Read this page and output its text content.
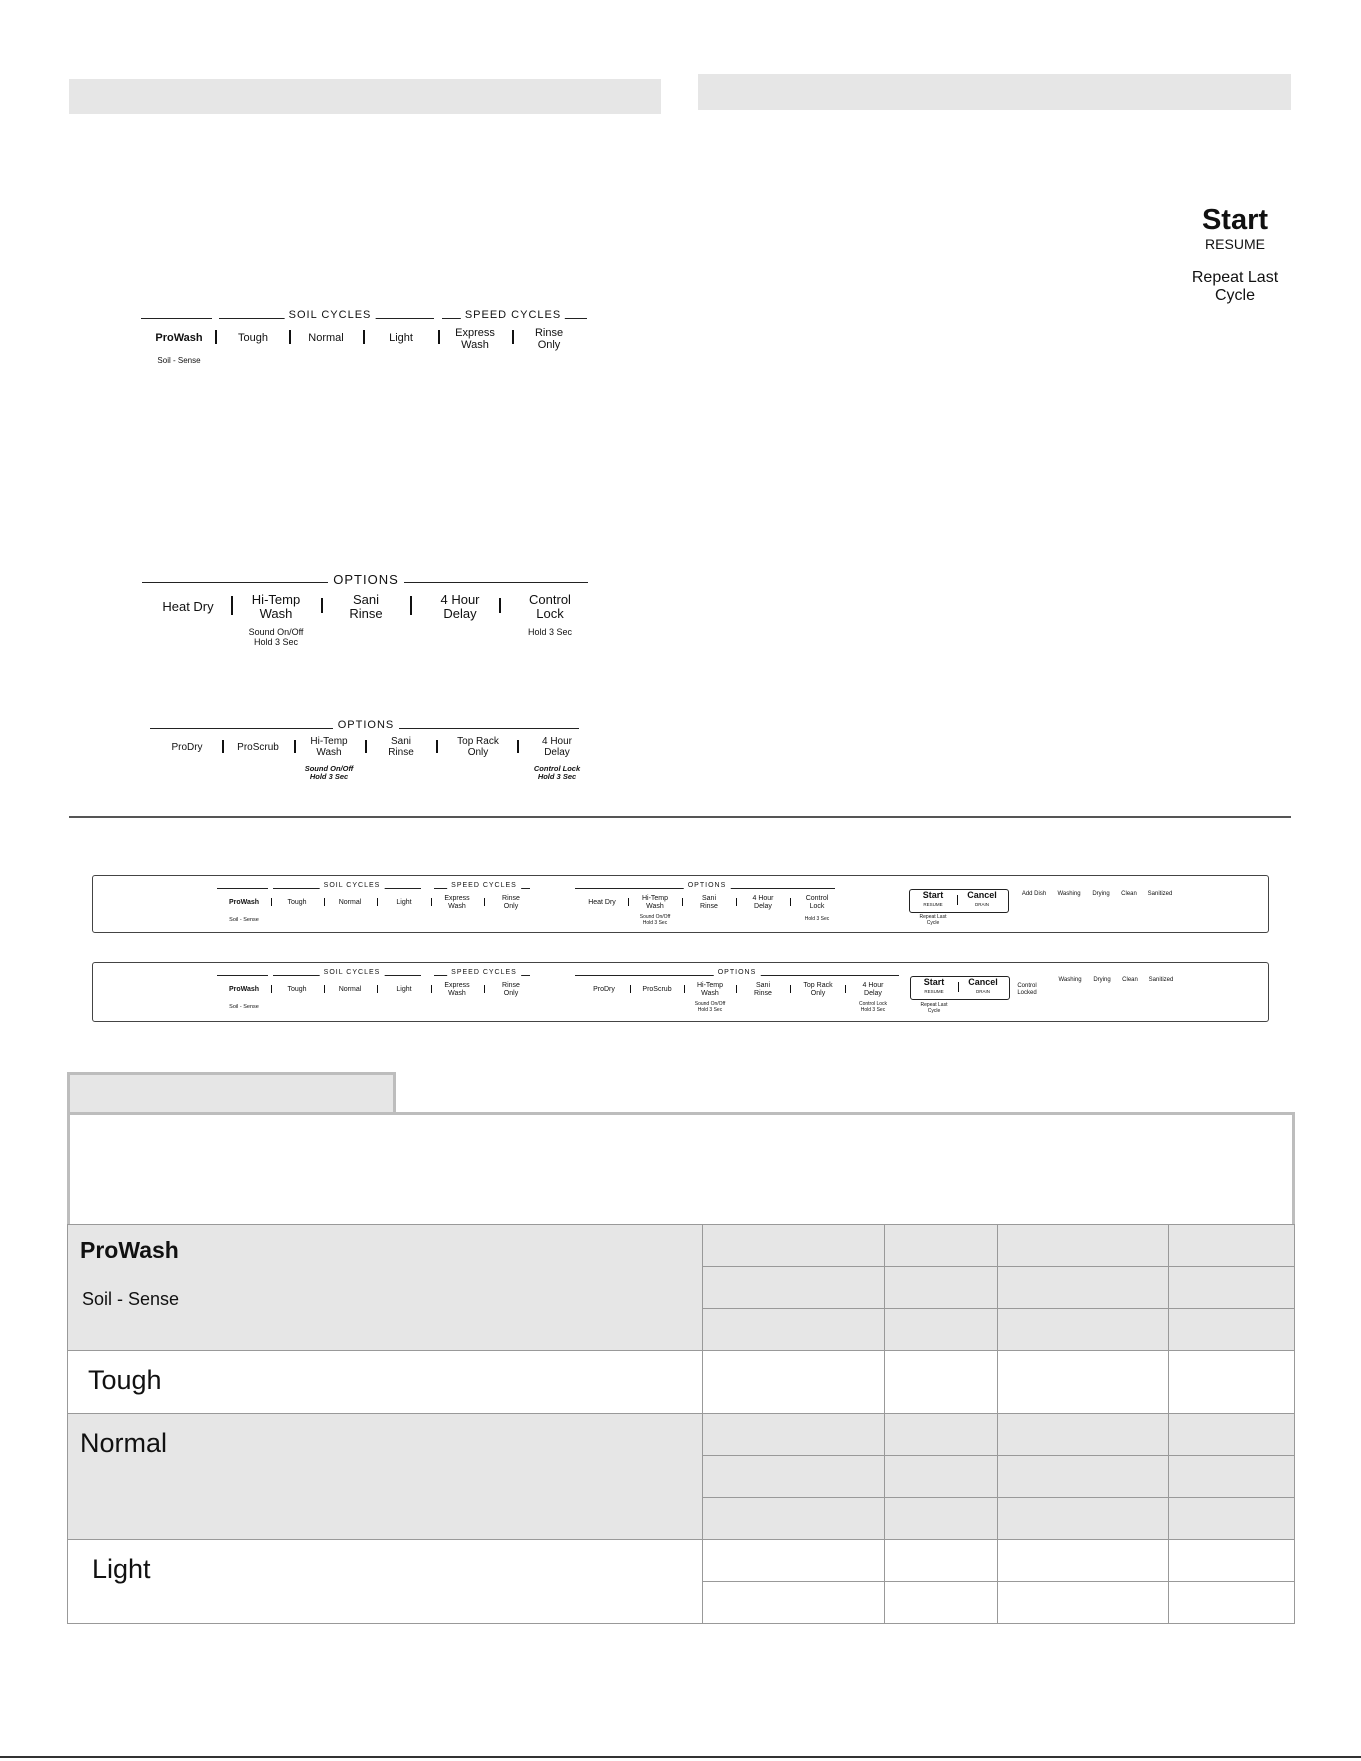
Start
RESUME
Repeat Last
Cycle
SOIL CYCLES	SPEED CYCLES
ProWash
Soil - Sense
Tough	Normal	Light	Express
Wash
Rinse
Only
OPTIONS
Heat Dry	Hi-Temp
Wash
Sound On/Off
Hold 3 Sec
Sani
Rinse
4 Hour
Delay
Control
Lock
Hold 3 Sec
OPTIONS
ProDry	ProScrub
Hi-Temp
Wash
Sound On/Off
Hold 3 Sec
Sani
Rinse
Top Rack
Only
4 Hour
Delay
Control Lock
Hold 3 Sec
SOIL CYCLES	SPEED CYCLES
ProWash
Soil - Sense
Tough	Normal	Light
Express
Wash
Rinse
Only
OPTIONS
Heat Dry
Hi-Temp
Wash
Sound On/Off
Hold 3 Sec
Sani
Rinse
4 Hour
Delay
Control
Lock
Hold 3 Sec
Start
RESUME
Cancel
DRAIN
Repeat Last
Cycle
Add Dish Washing Drying Clean Sanitized
SOIL CYCLES	SPEED CYCLES
ProWash
Soil - Sense
Tough	Normal	Light
Express
Wash
Rinse
Only
OPTIONS
ProDry	ProScrub
Hi-Temp
Wash
Sound On/Off
Hold 3 Sec
Sani
Rinse
Top Rack
Only
4 Hour
Delay
Control Lock
Hold 3 Sec
Start
RESUME
Cancel
DRAIN
Repeat Last
Cycle
Control
Locked
Washing Drying Clean Sanitized
ProWash
Soil - Sense				

Tough				

Normal				

Light				
